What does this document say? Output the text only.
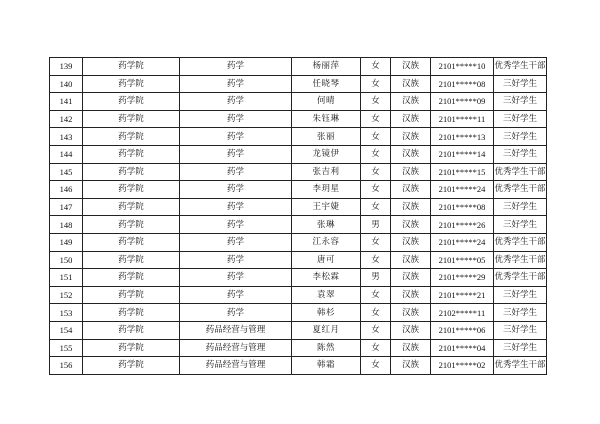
139	药学院	药学	杨丽萍	女	汉族	2101*****10	优秀学生干部
140	药学院	药学	任晓琴	女	汉族	2101*****08	三好学生
141	药学院	药学	何晴	女	汉族	2101*****09	三好学生
142	药学院	药学	朱钰琳	女	汉族	2101*****11	三好学生
143	药学院	药学	张丽	女	汉族	2101*****13	三好学生
144	药学院	药学	龙镜伊	女	汉族	2101*****14	三好学生
145	药学院	药学	张吉利	女	汉族	2101*****15	优秀学生干部
146	药学院	药学	李玥星	女	汉族	2101*****24	优秀学生干部
147	药学院	药学	王宇婕	女	汉族	2101*****08	三好学生
148	药学院	药学	张琳	男	汉族	2101*****26	三好学生
149	药学院	药学	江永容	女	汉族	2101*****24	优秀学生干部
150	药学院	药学	唐可	女	汉族	2101*****05	优秀学生干部
151	药学院	药学	李松霖	男	汉族	2101*****29	优秀学生干部
152	药学院	药学	袁翠	女	汉族	2101*****21	三好学生
153	药学院	药学	韩杉	女	汉族	2102*****11	三好学生
154	药学院	药品经营与管理	夏红月	女	汉族	2101*****06	三好学生
155	药学院	药品经营与管理	陈然	女	汉族	2101*****04	三好学生
156	药学院	药品经营与管理	韩霜	女	汉族	2101*****02	优秀学生干部
